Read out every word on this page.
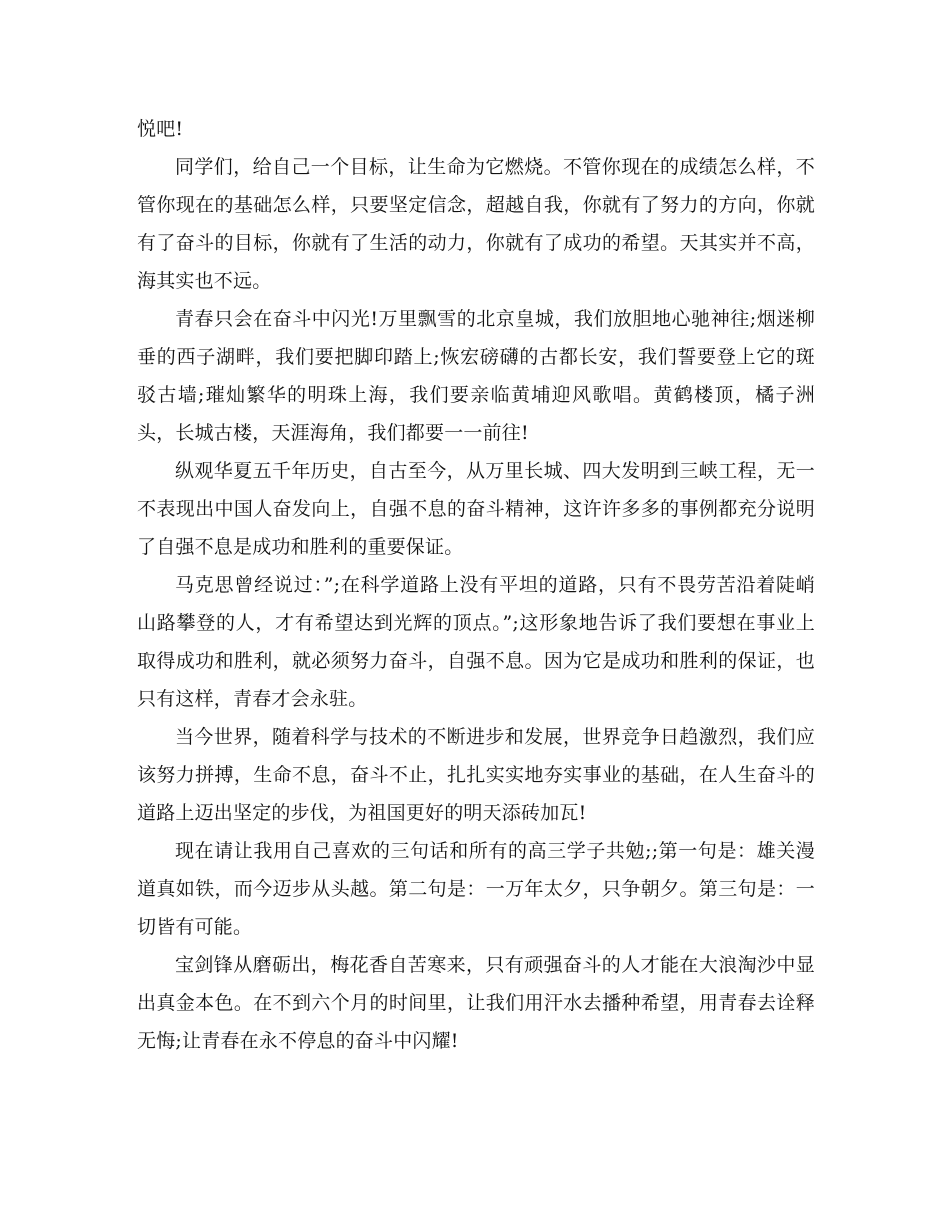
悦吧!

同学们，给自己一个目标，让生命为它燃烧。不管你现在的成绩怎么样，不管你现在的基础怎么样，只要坚定信念，超越自我，你就有了努力的方向，你就有了奋斗的目标，你就有了生活的动力，你就有了成功的希望。天其实并不高，海其实也不远。

青春只会在奋斗中闪光!万里飘雪的北京皇城，我们放胆地心驰神往;烟迷柳垂的西子湖畔，我们要把脚印踏上;恢宏磅礴的古都长安，我们誓要登上它的斑驳古墙;璀灿繁华的明珠上海，我们要亲临黄埔迎风歌唱。黄鹤楼顶，橘子洲头，长城古楼，天涯海角，我们都要一一前往!

纵观华夏五千年历史，自古至今，从万里长城、四大发明到三峡工程，无一不表现出中国人奋发向上，自强不息的奋斗精神，这许许多多的事例都充分说明了自强不息是成功和胜利的重要保证。

马克思曾经说过：”;在科学道路上没有平坦的道路，只有不畏劳苦沿着陡峭山路攀登的人，才有希望达到光辉的顶点。”;这形象地告诉了我们要想在事业上取得成功和胜利，就必须努力奋斗，自强不息。因为它是成功和胜利的保证，也只有这样，青春才会永驻。

当今世界，随着科学与技术的不断进步和发展，世界竞争日趋激烈，我们应该努力拼搏，生命不息，奋斗不止，扎扎实实地夯实事业的基础，在人生奋斗的道路上迈出坚定的步伐，为祖国更好的明天添砖加瓦!

现在请让我用自己喜欢的三句话和所有的高三学子共勉;;第一句是：雄关漫道真如铁，而今迈步从头越。第二句是：一万年太夕，只争朝夕。第三句是：一切皆有可能。

宝剑锋从磨砺出，梅花香自苦寒来，只有顽强奋斗的人才能在大浪淘沙中显出真金本色。在不到六个月的时间里，让我们用汗水去播种希望，用青春去诠释无悔;让青春在永不停息的奋斗中闪耀!
